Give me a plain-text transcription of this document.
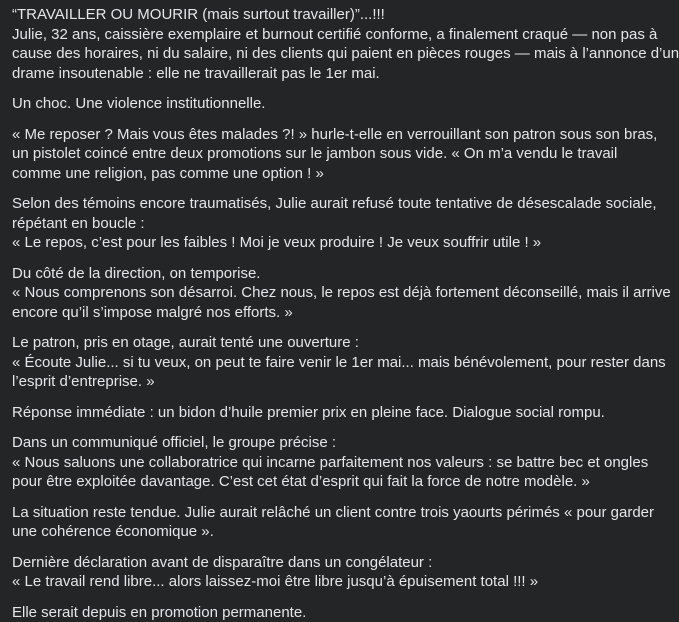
“TRAVAILLER OU MOURIR (mais surtout travailler)”...!!!
Julie, 32 ans, caissière exemplaire et burnout certifié conforme, a finalement craqué — non pas à
cause des horaires, ni du salaire, ni des clients qui paient en pièces rouges — mais à l’annonce d’un
drame insoutenable : elle ne travaillerait pas le 1er mai.
Un choc. Une violence institutionnelle.
« Me reposer ? Mais vous êtes malades ?! » hurle-t-elle en verrouillant son patron sous son bras,
un pistolet coincé entre deux promotions sur le jambon sous vide. « On m’a vendu le travail
comme une religion, pas comme une option ! »
Selon des témoins encore traumatisés, Julie aurait refusé toute tentative de désescalade sociale,
répétant en boucle :
« Le repos, c’est pour les faibles ! Moi je veux produire ! Je veux souffrir utile ! »
Du côté de la direction, on temporise.
« Nous comprenons son désarroi. Chez nous, le repos est déjà fortement déconseillé, mais il arrive
encore qu’il s’impose malgré nos efforts. »
Le patron, pris en otage, aurait tenté une ouverture :
« Écoute Julie... si tu veux, on peut te faire venir le 1er mai... mais bénévolement, pour rester dans
l’esprit d’entreprise. »
Réponse immédiate : un bidon d’huile premier prix en pleine face. Dialogue social rompu.
Dans un communiqué officiel, le groupe précise :
« Nous saluons une collaboratrice qui incarne parfaitement nos valeurs : se battre bec et ongles
pour être exploitée davantage. C’est cet état d’esprit qui fait la force de notre modèle. »
La situation reste tendue. Julie aurait relâché un client contre trois yaourts périmés « pour garder
une cohérence économique ».
Dernière déclaration avant de disparaître dans un congélateur :
« Le travail rend libre... alors laissez-moi être libre jusqu’à épuisement total !!! »
Elle serait depuis en promotion permanente.
